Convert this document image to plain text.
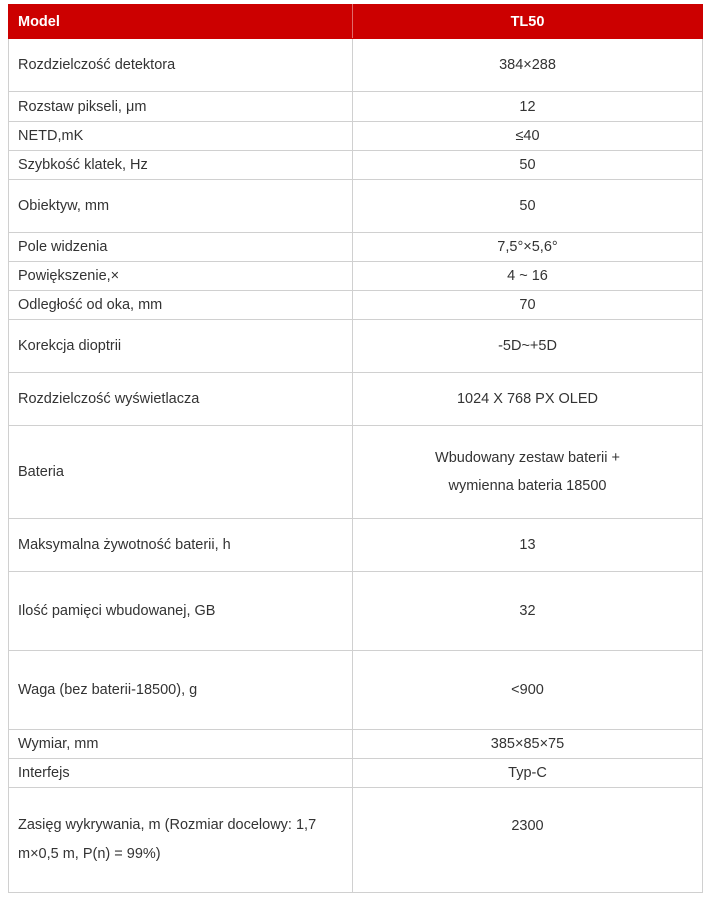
Model	TL50
Rozdzielczość detektora	384×288
Rozstaw pikseli, μm	12
NETD,mK	≤40
Szybkość klatek, Hz	50
Obiektyw, mm	50
Pole widzenia	7,5°×5,6°
Powiększenie,×	4 ~ 16
Odległość od oka, mm	70
Korekcja dioptrii	-5D~+5D
Rozdzielczość wyświetlacza	1024 X 768 PX OLED
Bateria	Wbudowany zestaw baterii + wymienna bateria 18500
Maksymalna żywotność baterii, h	13
Ilość pamięci wbudowanej, GB	32
Waga (bez baterii-18500), g	<900
Wymiar, mm	385×85×75
Interfejs	Typ-C
Zasięg wykrywania, m (Rozmiar docelowy: 1,7 m×0,5 m, P(n) = 99%)	2300
